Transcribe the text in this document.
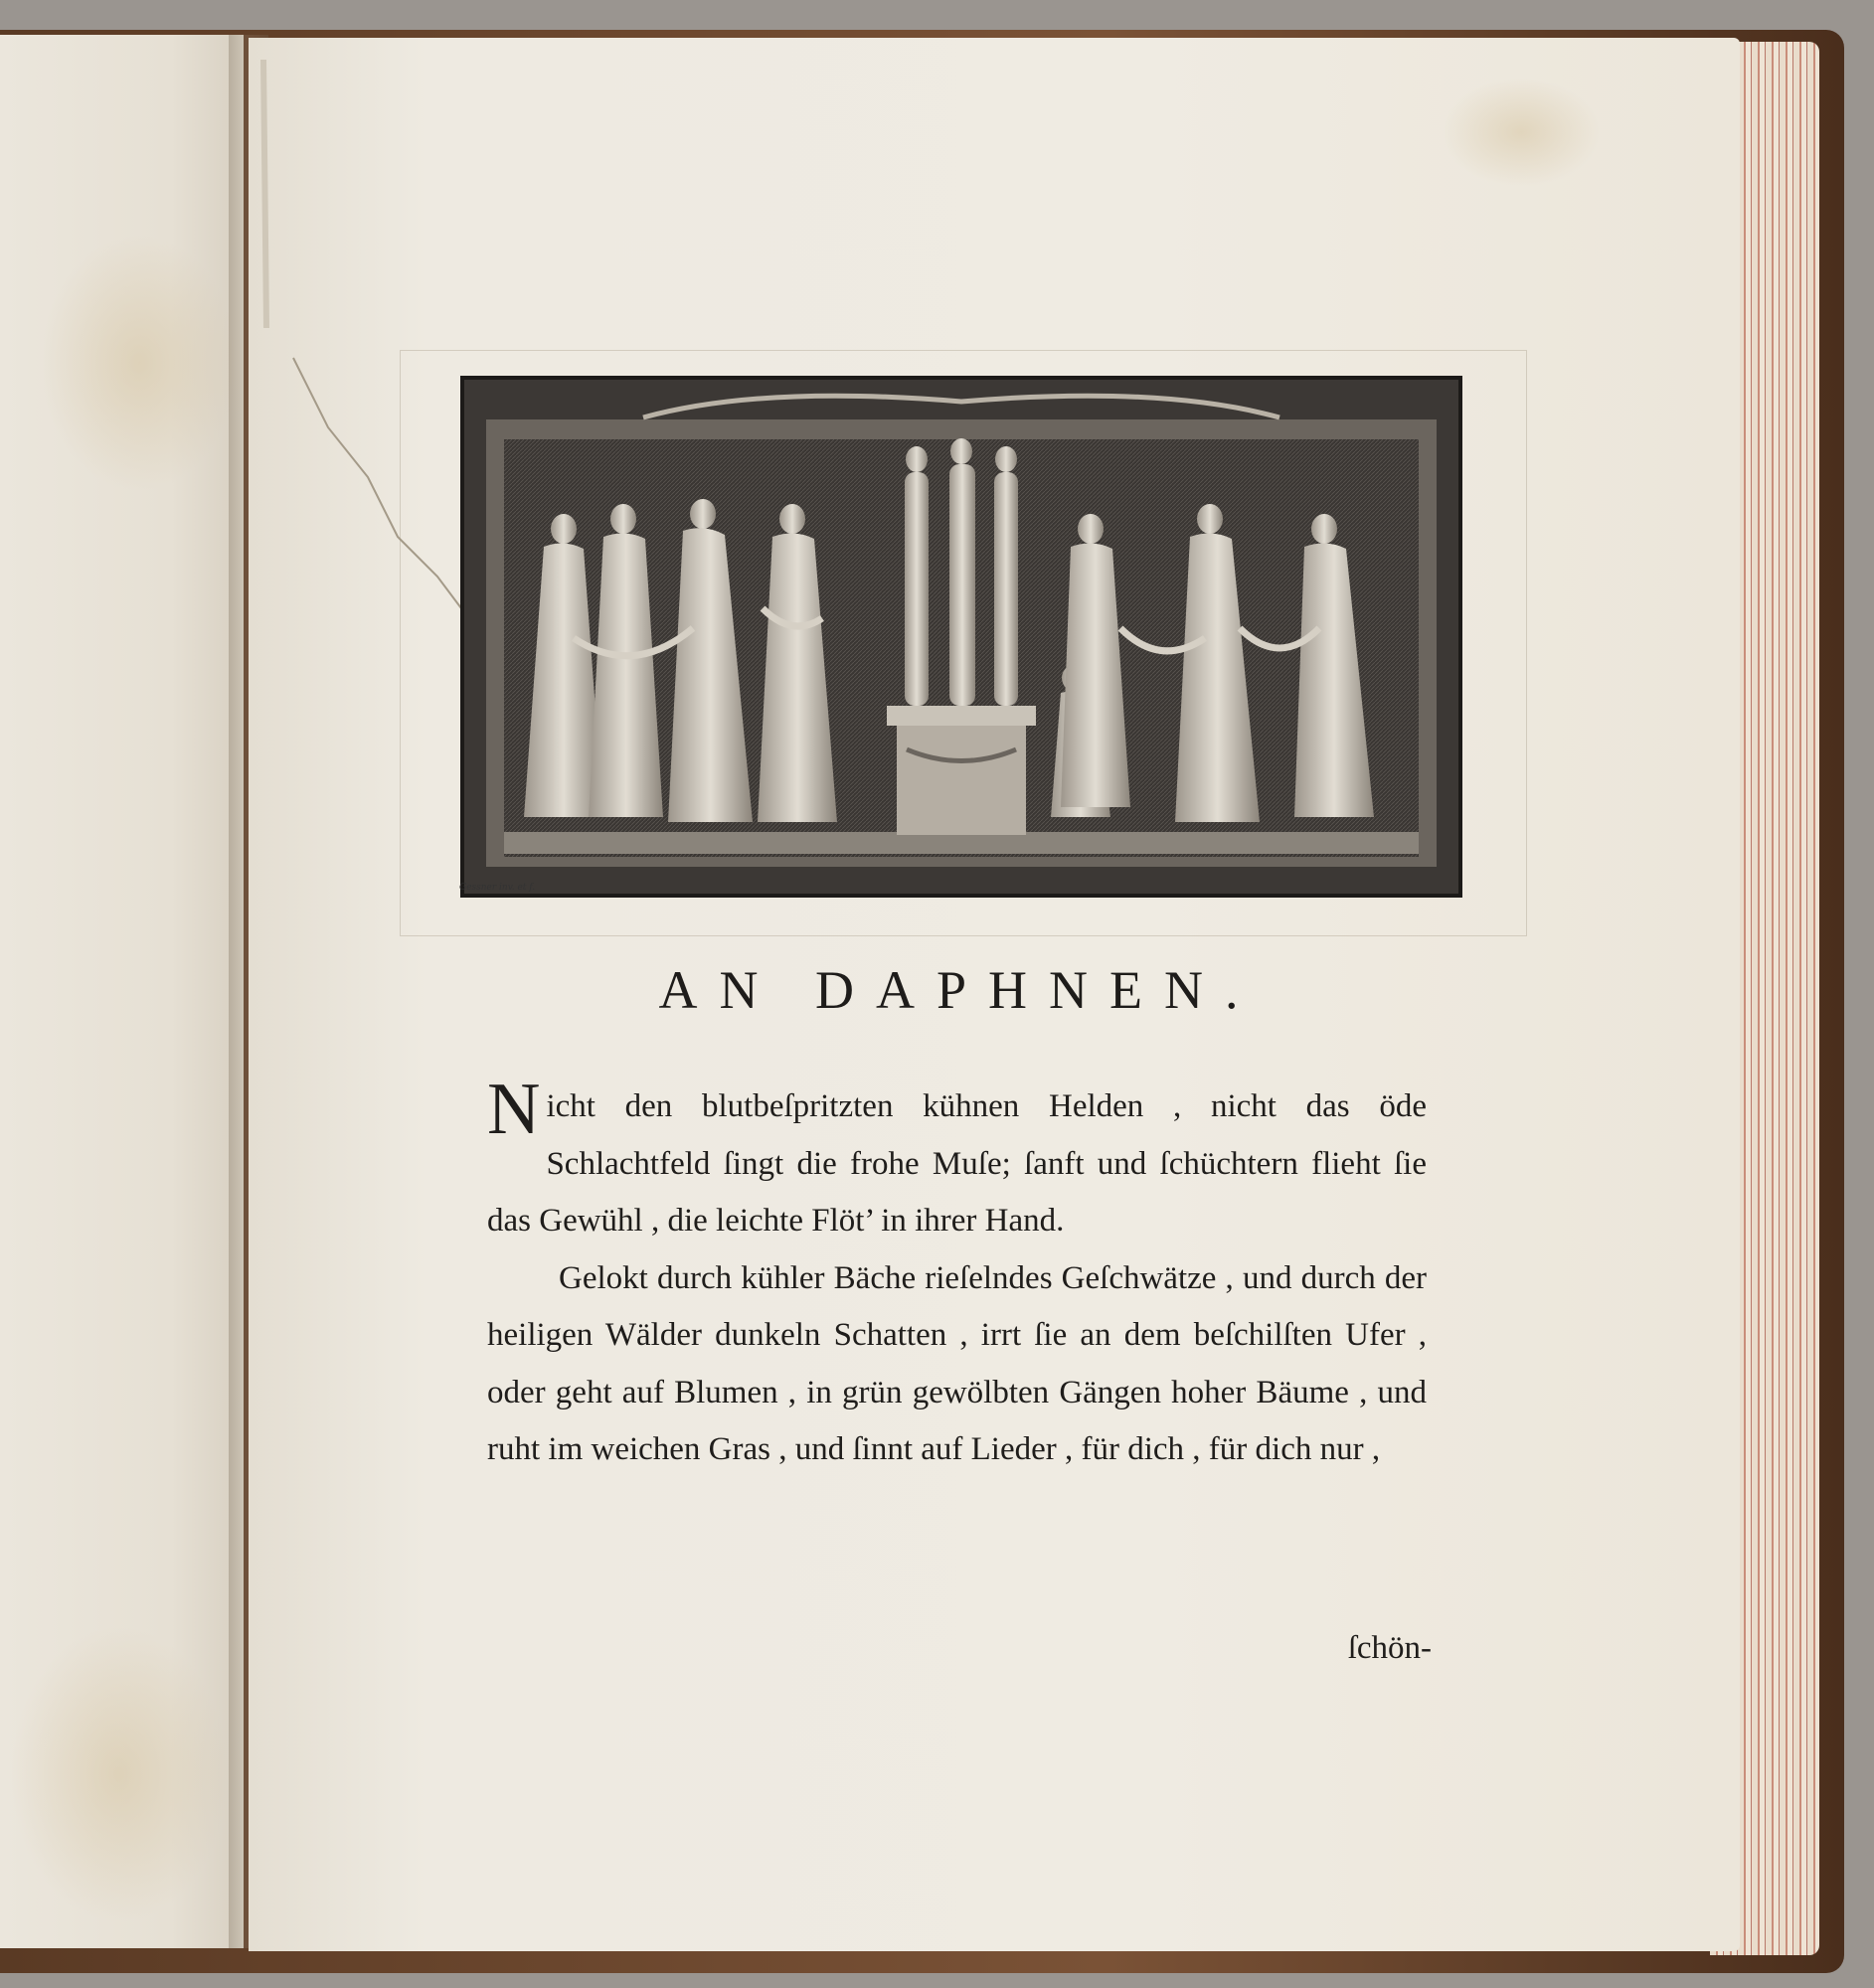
Gessner inv. et f.
AN DAPHNEN.

Nicht den blutbeſpritzten kühnen Helden , nicht das öde Schlachtfeld ſingt die frohe Muſe; ſanft und ſchüchtern flieht ſie das Gewühl , die leichte Flöt’ in ihrer Hand.

Gelokt durch kühler Bäche rieſelndes Geſchwätze , und durch der heiligen Wälder dunkeln Schatten , irrt ſie an dem beſchilſten Ufer , oder geht auf Blumen , in grün gewölbten Gängen hoher Bäume , und ruht im weichen Gras , und ſinnt auf Lieder , für dich , für dich nur ,

ſchön-
